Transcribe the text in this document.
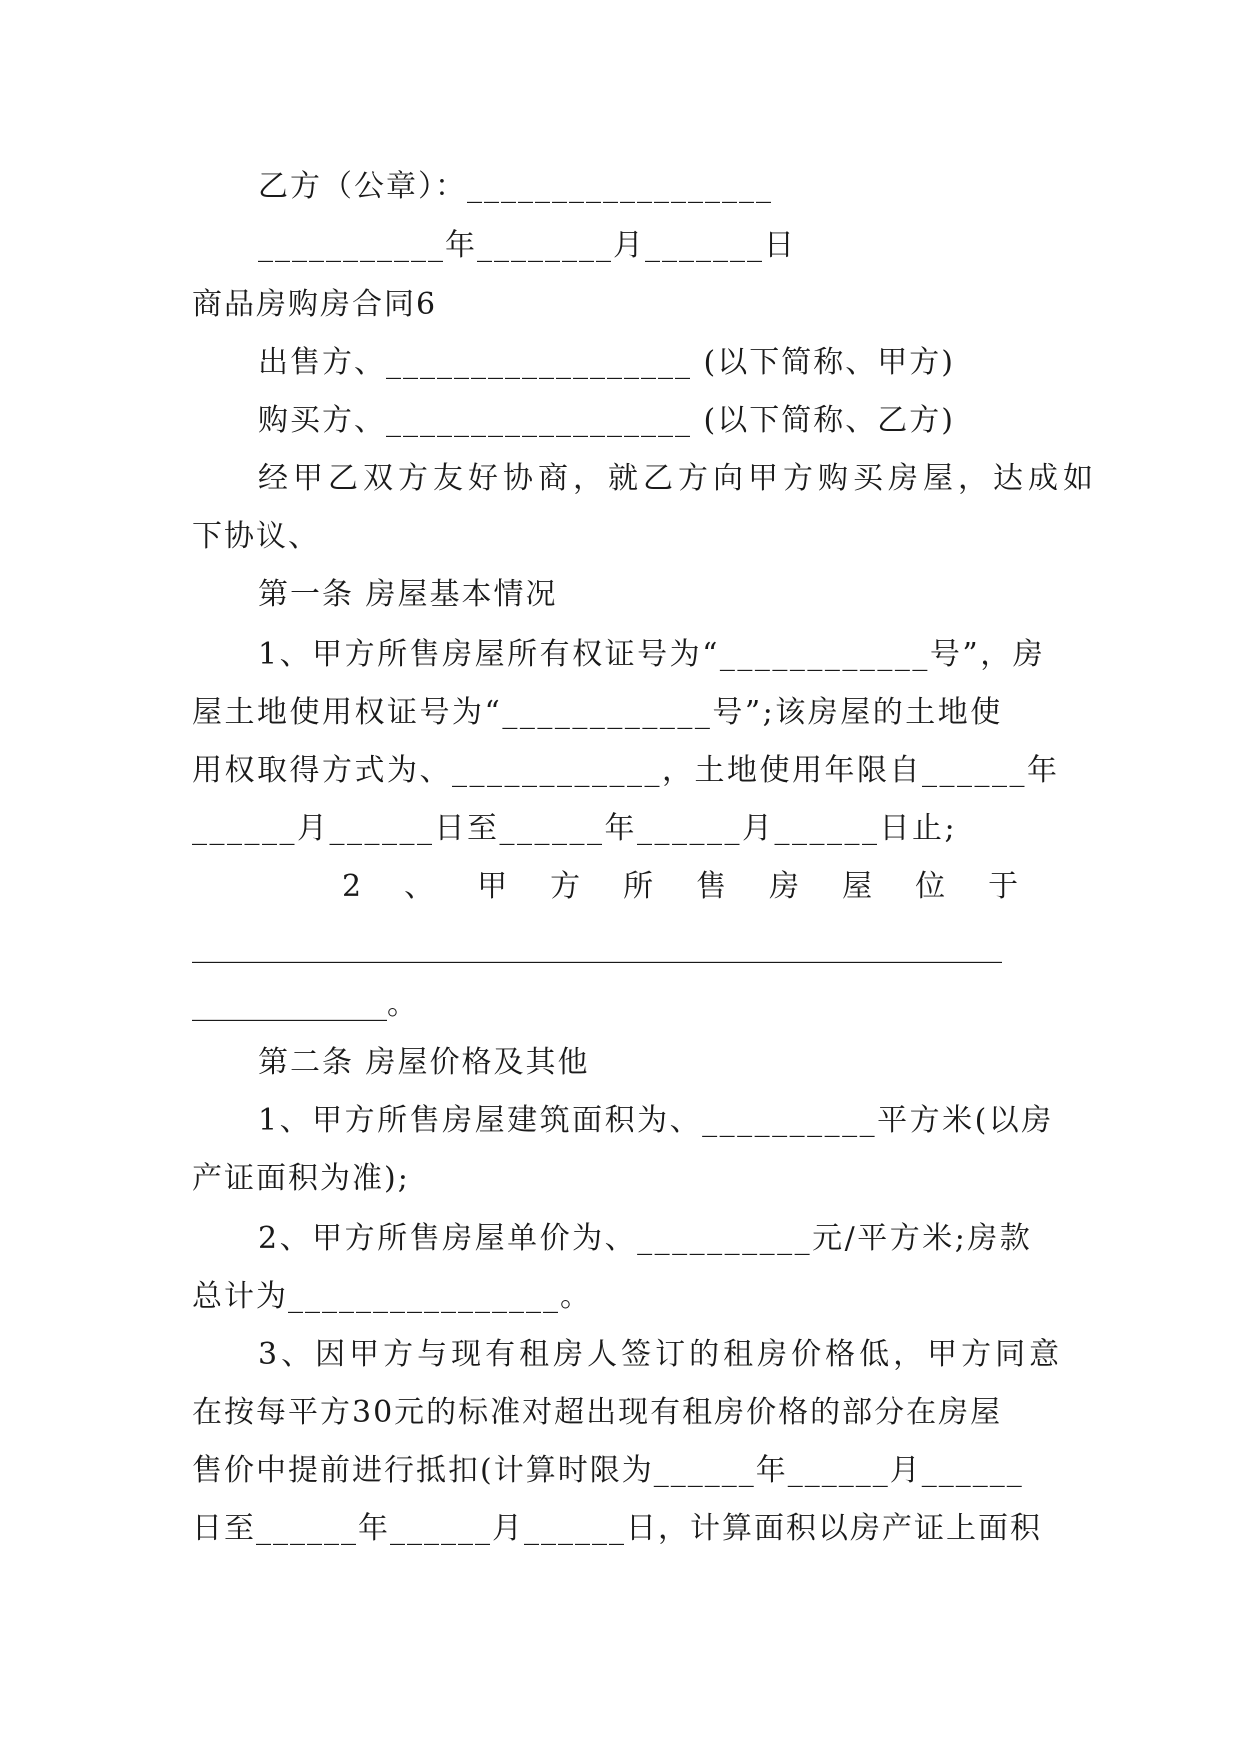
乙方（公章）：__________________
___________年________月_______日
商品房购房合同6
出售方、__________________ (以下简称、甲方)
购买方、__________________ (以下简称、乙方)
经甲乙双方友好协商，就乙方向甲方购买房屋，达成如
下协议、
第一条 房屋基本情况
1、甲方所售房屋所有权证号为“____________号”，房
屋土地使用权证号为“____________号”;该房屋的土地使
用权取得方式为、____________，土地使用年限自______年
______月______日至______年______月______日止;
2、甲方所售房屋位于
______________________________________________________
_____________。
第二条 房屋价格及其他
1、甲方所售房屋建筑面积为、__________平方米(以房
产证面积为准);
2、甲方所售房屋单价为、__________元/平方米;房款
总计为________________。
3、因甲方与现有租房人签订的租房价格低，甲方同意
在按每平方30元的标准对超出现有租房价格的部分在房屋
售价中提前进行抵扣(计算时限为______年______月______
日至______年______月______日，计算面积以房产证上面积
